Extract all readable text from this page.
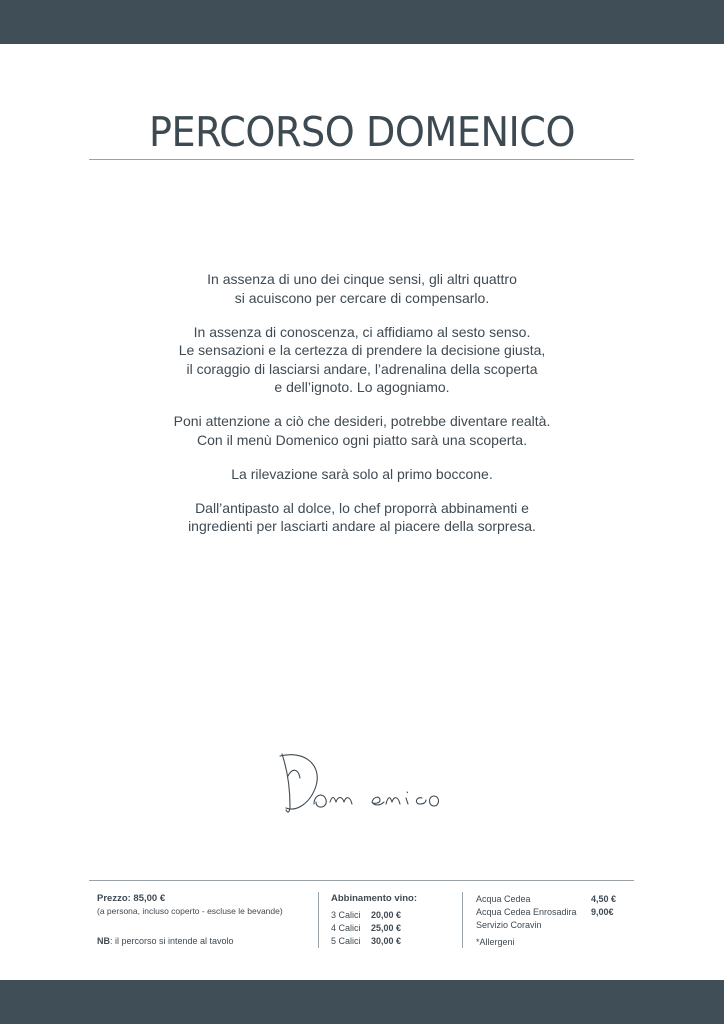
PERCORSO DOMENICO

In assenza di uno dei cinque sensi, gli altri quattro
si acuiscono per cercare di compensarlo.

In assenza di conoscenza, ci affidiamo al sesto senso.
Le sensazioni e la certezza di prendere la decisione giusta,
il coraggio di lasciarsi andare, l’adrenalina della scoperta
e dell’ignoto. Lo agogniamo.

Poni attenzione a ciò che desideri, potrebbe diventare realtà.
Con il menù Domenico ogni piatto sarà una scoperta.

La rilevazione sarà solo al primo boccone.

Dall’antipasto al dolce, lo chef proporrà abbinamenti e
ingredienti per lasciarti andare al piacere della sorpresa.

Prezzo: 85,00 €
(a persona, incluso coperto - escluse le bevande)
NB: il percorso si intende al tavolo
Abbinamento vino:
3 Calici	20,00 €
4 Calici	25,00 €
5 Calici	30,00 €
Acqua Cedea	4,50 €
Acqua Cedea Enrosadira	9,00€
Servizio Coravin
*Allergeni
